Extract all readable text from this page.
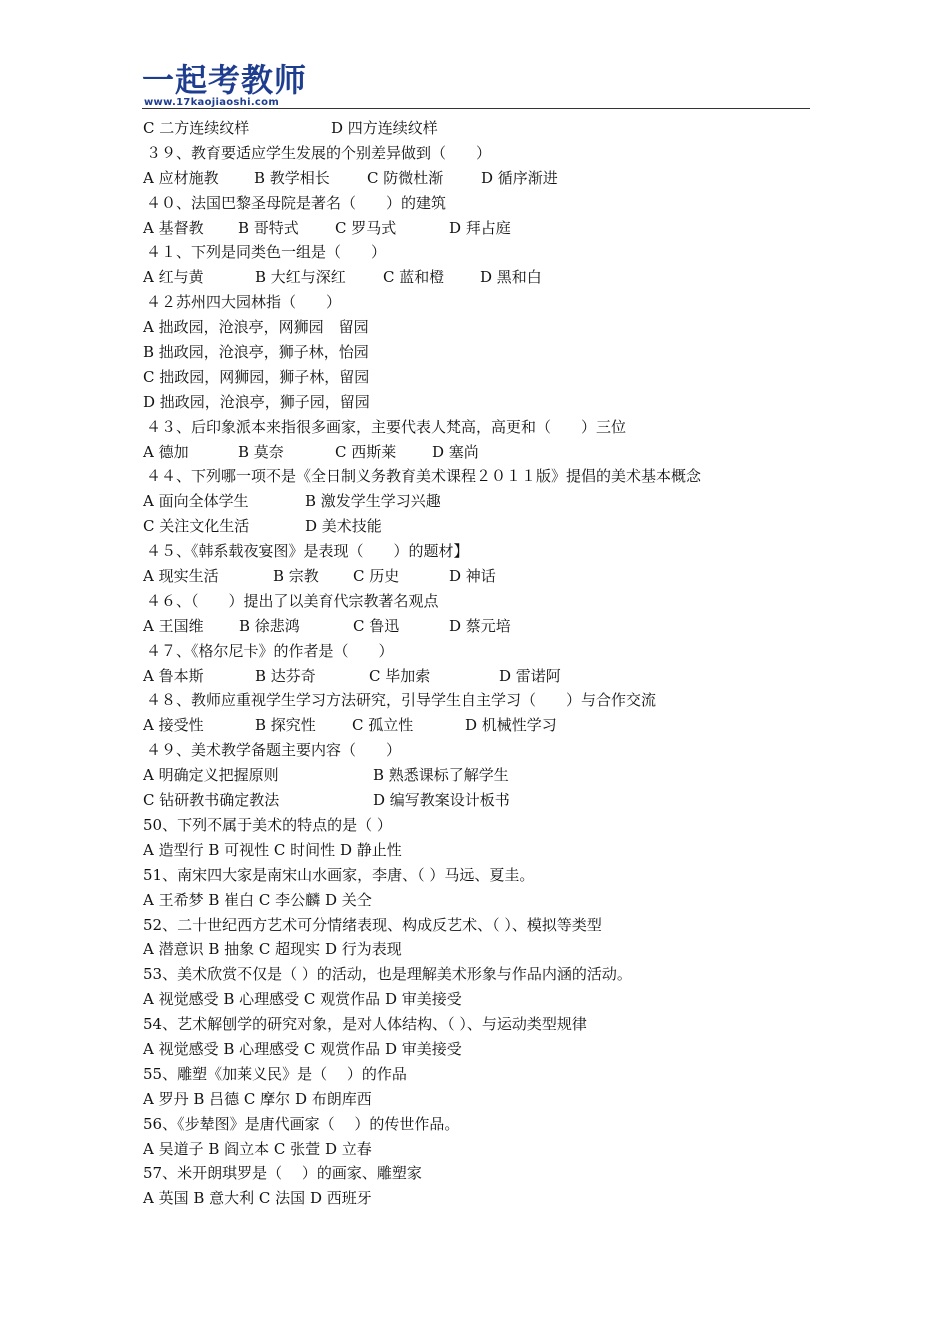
一起考教师
www.17kaojiaoshi.com
C 二方连续纹样	D 四方连续纹样
３９、教育要适应学生发展的个别差异做到（　　）
A 应材施教 B 教学相长 C 防微杜渐	D 循序渐进
４０、法国巴黎圣母院是著名（　　）的建筑
A 基督教 B 哥特式 C 罗马式	D 拜占庭
４１、下列是同类色一组是（　　）
A 红与黄	B 大红与深红 C 蓝和橙 D 黑和白
４２苏州四大园林指（　　）
A 拙政园，沧浪亭，网狮园　留园
B 拙政园，沧浪亭，狮子林，怡园
C 拙政园，网狮园，狮子林，留园
D 拙政园，沧浪亭，狮子园，留园
４３、后印象派本来指很多画家，主要代表人梵高，高更和（　　）三位
A 德加	B 莫奈	C 西斯莱 D 塞尚
４４、下列哪一项不是《全日制义务教育美术课程２０１１版》提倡的美术基本概念
A 面向全体学生	B 激发学生学习兴趣
C 关注文化生活	D 美术技能
４５、《韩系载夜宴图》是表现（　　）的题材】
A 现实生活	B 宗教 C 历史	D 神话
４６、（　　）提出了以美育代宗教著名观点
A 王国维 B 徐悲鸿	C 鲁迅	D 蔡元培
４７、《格尔尼卡》的作者是（　　）
A 鲁本斯	B 达芬奇	C 毕加索	D 雷诺阿
４８、教师应重视学生学习方法研究，引导学生自主学习（　　）与合作交流
A 接受性	B 探究性 C 孤立性	D 机械性学习
４９、美术教学备题主要内容（　　）
A 明确定义把握原则	B 熟悉课标了解学生
C 钻研教书确定教法	D 编写教案设计板书
50、下列不属于美术的特点的是（ ）
A 造型行 B 可视性 C 时间性 D 静止性
51、南宋四大家是南宋山水画家，李唐、（ ）马远、夏圭。
A 王希梦 B 崔白 C 李公麟 D 关仝
52、二十世纪西方艺术可分情绪表现、构成反艺术、（ ）、模拟等类型
A 潜意识 B 抽象 C 超现实 D 行为表现
53、美术欣赏不仅是（ ）的活动，也是理解美术形象与作品内涵的活动。
A 视觉感受 B 心理感受 C 观赏作品 D 审美接受
54、艺术解刨学的研究对象，是对人体结构、（ ）、与运动类型规律
A 视觉感受 B 心理感受 C 观赏作品 D 审美接受
55、雕塑《加莱义民》是（　 ）的作品
A 罗丹 B 吕德 C 摩尔 D 布朗库西
56、《步辇图》是唐代画家（　 ）的传世作品。
A 吴道子 B 阎立本 C 张萱 D 立春
57、米开朗琪罗是（　 ）的画家、雕塑家
A 英国 B 意大利 C 法国 D 西班牙
